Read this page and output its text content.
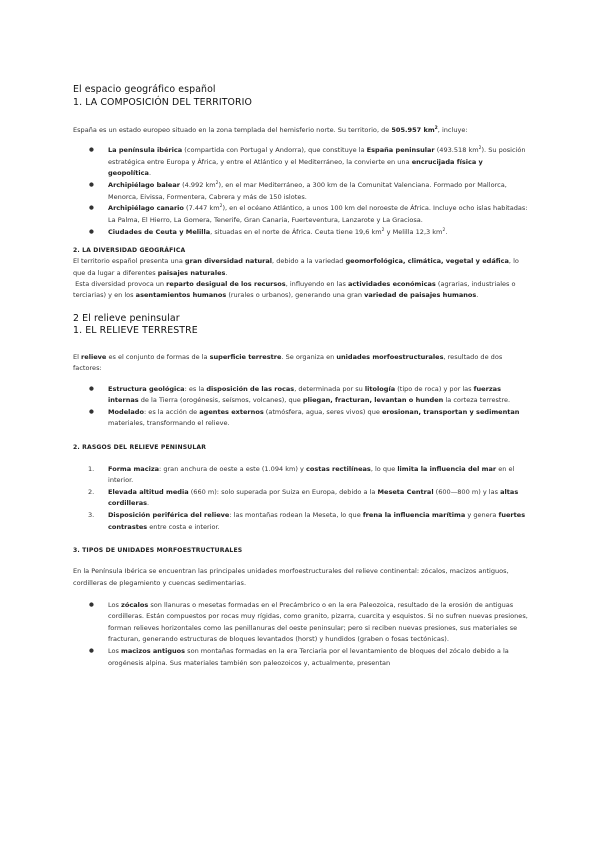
El espacio geográfico español
1. LA COMPOSICIÓN DEL TERRITORIO

España es un estado europeo situado en la zona templada del hemisferio norte. Su territorio, de 505.957 $km^2$, incluye:

● La península ibérica (compartida con Portugal y Andorra), que constituye la España peninsular (493.518 $km^2$). Su posición estratégica entre Europa y África, y entre el Atlántico y el Mediterráneo, la convierte en una encrucijada física y geopolítica.
● Archipiélago balear (4.992 $km^2$), en el mar Mediterráneo, a 300 km de la Comunitat Valenciana. Formado por Mallorca, Menorca, Eivissa, Formentera, Cabrera y más de 150 islotes.
● Archipiélago canario (7.447 $km^2$), en el océano Atlántico, a unos 100 km del noroeste de África. Incluye ocho islas habitadas: La Palma, El Hierro, La Gomera, Tenerife, Gran Canaria, Fuerteventura, Lanzarote y La Graciosa.
● Ciudades de Ceuta y Melilla, situadas en el norte de África. Ceuta tiene 19,6 $km^2$ y Melilla 12,3 $km^2$.
2. LA DIVERSIDAD GEOGRÁFICA

El territorio español presenta una gran diversidad natural, debido a la variedad geomorfológica, climática, vegetal y edáfica, lo que da lugar a diferentes paisajes naturales.
Esta diversidad provoca un reparto desigual de los recursos, influyendo en las actividades económicas (agrarias, industriales o terciarias) y en los asentamientos humanos (rurales o urbanos), generando una gran variedad de paisajes humanos.

2 El relieve peninsular
1. EL RELIEVE TERRESTRE

El relieve es el conjunto de formas de la superficie terrestre. Se organiza en unidades morfoestructurales, resultado de dos factores:

● Estructura geológica: es la disposición de las rocas, determinada por su litología (tipo de roca) y por las fuerzas internas de la Tierra (orogénesis, seísmos, volcanes), que pliegan, fracturan, levantan o hunden la corteza terrestre.
● Modelado: es la acción de agentes externos (atmósfera, agua, seres vivos) que erosionan, transportan y sedimentan materiales, transformando el relieve.
2. RASGOS DEL RELIEVE PENINSULAR
1. Forma maciza: gran anchura de oeste a este (1.094 km) y costas rectilíneas, lo que limita la influencia del mar en el interior.
2. Elevada altitud media (660 m): solo superada por Suiza en Europa, debido a la Meseta Central (600—800 m) y las altas cordilleras.
3. Disposición periférica del relieve: las montañas rodean la Meseta, lo que frena la influencia marítima y genera fuertes contrastes entre costa e interior.
3. TIPOS DE UNIDADES MORFOESTRUCTURALES

En la Península Ibérica se encuentran las principales unidades morfoestructurales del relieve continental: zócalos, macizos antiguos, cordilleras de plegamiento y cuencas sedimentarias.

● Los zócalos son llanuras o mesetas formadas en el Precámbrico o en la era Paleozoica, resultado de la erosión de antiguas cordilleras. Están compuestos por rocas muy rígidas, como granito, pizarra, cuarcita y esquistos. Si no sufren nuevas presiones, forman relieves horizontales como las penillanuras del oeste peninsular; pero si reciben nuevas presiones, sus materiales se fracturan, generando estructuras de bloques levantados (horst) y hundidos (graben o fosas tectónicas).
● Los macizos antiguos son montañas formadas en la era Terciaria por el levantamiento de bloques del zócalo debido a la orogénesis alpina. Sus materiales también son paleozoicos y, actualmente, presentan
